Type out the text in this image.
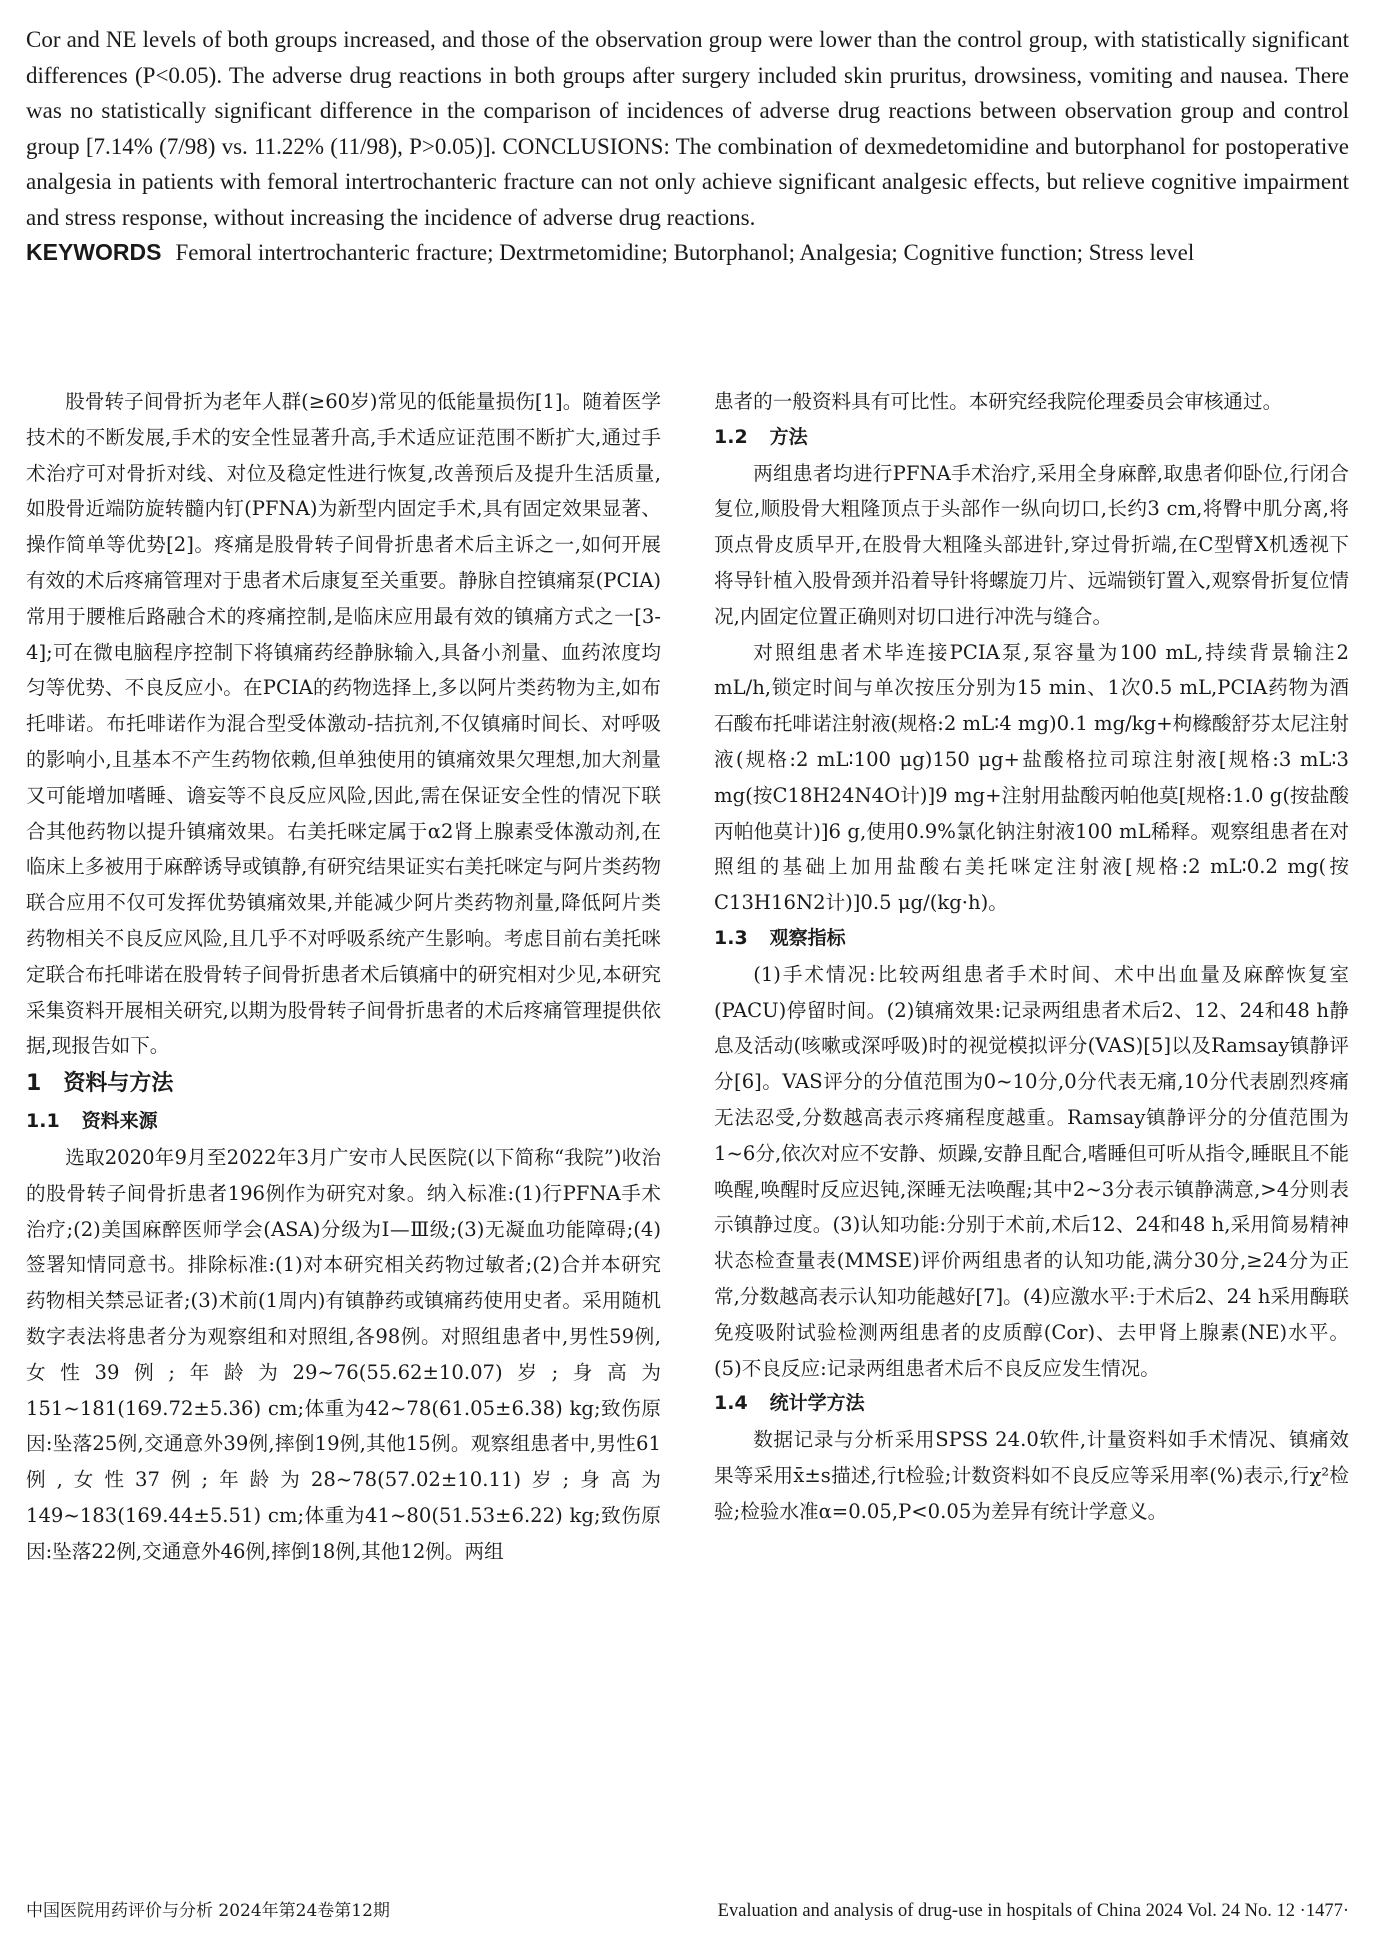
Cor and NE levels of both groups increased, and those of the observation group were lower than the control group, with statistically significant differences (P<0.05). The adverse drug reactions in both groups after surgery included skin pruritus, drowsiness, vomiting and nausea. There was no statistically significant difference in the comparison of incidences of adverse drug reactions between observation group and control group [7.14% (7/98) vs. 11.22% (11/98), P>0.05)]. CONCLUSIONS: The combination of dexmedetomidine and butorphanol for postoperative analgesia in patients with femoral intertrochanteric fracture can not only achieve significant analgesic effects, but relieve cognitive impairment and stress response, without increasing the incidence of adverse drug reactions.

KEYWORDS Femoral intertrochanteric fracture; Dextrmetomidine; Butorphanol; Analgesia; Cognitive function; Stress level

股骨转子间骨折为老年人群(≥60岁)常见的低能量损伤[1]。随着医学技术的不断发展,手术的安全性显著升高,手术适应证范围不断扩大,通过手术治疗可对骨折对线、对位及稳定性进行恢复,改善预后及提升生活质量,如股骨近端防旋转髓内钉(PFNA)为新型内固定手术,具有固定效果显著、操作简单等优势[2]。疼痛是股骨转子间骨折患者术后主诉之一,如何开展有效的术后疼痛管理对于患者术后康复至关重要。静脉自控镇痛泵(PCIA)常用于腰椎后路融合术的疼痛控制,是临床应用最有效的镇痛方式之一[3-4];可在微电脑程序控制下将镇痛药经静脉输入,具备小剂量、血药浓度均匀等优势、不良反应小。在PCIA的药物选择上,多以阿片类药物为主,如布托啡诺。布托啡诺作为混合型受体激动-拮抗剂,不仅镇痛时间长、对呼吸的影响小,且基本不产生药物依赖,但单独使用的镇痛效果欠理想,加大剂量又可能增加嗜睡、谵妄等不良反应风险,因此,需在保证安全性的情况下联合其他药物以提升镇痛效果。右美托咪定属于α2肾上腺素受体激动剂,在临床上多被用于麻醉诱导或镇静,有研究结果证实右美托咪定与阿片类药物联合应用不仅可发挥优势镇痛效果,并能减少阿片类药物剂量,降低阿片类药物相关不良反应风险,且几乎不对呼吸系统产生影响。考虑目前右美托咪定联合布托啡诺在股骨转子间骨折患者术后镇痛中的研究相对少见,本研究采集资料开展相关研究,以期为股骨转子间骨折患者的术后疼痛管理提供依据,现报告如下。

1 资料与方法

1.1 资料来源

选取2020年9月至2022年3月广安市人民医院(以下简称“我院”)收治的股骨转子间骨折患者196例作为研究对象。纳入标准:(1)行PFNA手术治疗;(2)美国麻醉医师学会(ASA)分级为Ⅰ—Ⅲ级;(3)无凝血功能障碍;(4)签署知情同意书。排除标准:(1)对本研究相关药物过敏者;(2)合并本研究药物相关禁忌证者;(3)术前(1周内)有镇静药或镇痛药使用史者。采用随机数字表法将患者分为观察组和对照组,各98例。对照组患者中,男性59例,女性39例;年龄为29~76(55.62±10.07)岁;身高为151~181(169.72±5.36) cm;体重为42~78(61.05±6.38) kg;致伤原因:坠落25例,交通意外39例,摔倒19例,其他15例。观察组患者中,男性61例,女性37例;年龄为28~78(57.02±10.11)岁;身高为149~183(169.44±5.51) cm;体重为41~80(51.53±6.22) kg;致伤原因:坠落22例,交通意外46例,摔倒18例,其他12例。两组

患者的一般资料具有可比性。本研究经我院伦理委员会审核通过。

1.2 方法

两组患者均进行PFNA手术治疗,采用全身麻醉,取患者仰卧位,行闭合复位,顺股骨大粗隆顶点于头部作一纵向切口,长约3 cm,将臀中肌分离,将顶点骨皮质早开,在股骨大粗隆头部进针,穿过骨折端,在C型臂X机透视下将导针植入股骨颈并沿着导针将螺旋刀片、远端锁钉置入,观察骨折复位情况,内固定位置正确则对切口进行冲洗与缝合。

对照组患者术毕连接PCIA泵,泵容量为100 mL,持续背景输注2 mL/h,锁定时间与单次按压分别为15 min、1次0.5 mL,PCIA药物为酒石酸布托啡诺注射液(规格:2 mL∶4 mg)0.1 mg/kg+枸橼酸舒芬太尼注射液(规格:2 mL∶100 μg)150 μg+盐酸格拉司琼注射液[规格:3 mL∶3 mg(按C18H24N4O计)]9 mg+注射用盐酸丙帕他莫[规格:1.0 g(按盐酸丙帕他莫计)]6 g,使用0.9%氯化钠注射液100 mL稀释。观察组患者在对照组的基础上加用盐酸右美托咪定注射液[规格:2 mL∶0.2 mg(按C13H16N2计)]0.5 μg/(kg·h)。

1.3 观察指标

(1)手术情况:比较两组患者手术时间、术中出血量及麻醉恢复室(PACU)停留时间。(2)镇痛效果:记录两组患者术后2、12、24和48 h静息及活动(咳嗽或深呼吸)时的视觉模拟评分(VAS)[5]以及Ramsay镇静评分[6]。VAS评分的分值范围为0~10分,0分代表无痛,10分代表剧烈疼痛无法忍受,分数越高表示疼痛程度越重。Ramsay镇静评分的分值范围为1~6分,依次对应不安静、烦躁,安静且配合,嗜睡但可听从指令,睡眠且不能唤醒,唤醒时反应迟钝,深睡无法唤醒;其中2~3分表示镇静满意,>4分则表示镇静过度。(3)认知功能:分别于术前,术后12、24和48 h,采用简易精神状态检查量表(MMSE)评价两组患者的认知功能,满分30分,≥24分为正常,分数越高表示认知功能越好[7]。(4)应激水平:于术后2、24 h采用酶联免疫吸附试验检测两组患者的皮质醇(Cor)、去甲肾上腺素(NE)水平。(5)不良反应:记录两组患者术后不良反应发生情况。

1.4 统计学方法

数据记录与分析采用SPSS 24.0软件,计量资料如手术情况、镇痛效果等采用x̄±s描述,行t检验;计数资料如不良反应等采用率(%)表示,行χ²检验;检验水准α=0.05,P<0.05为差异有统计学意义。

中国医院用药评价与分析 2024年第24卷第12期	Evaluation and analysis of drug-use in hospitals of China 2024 Vol. 24 No. 12 ·1477·
